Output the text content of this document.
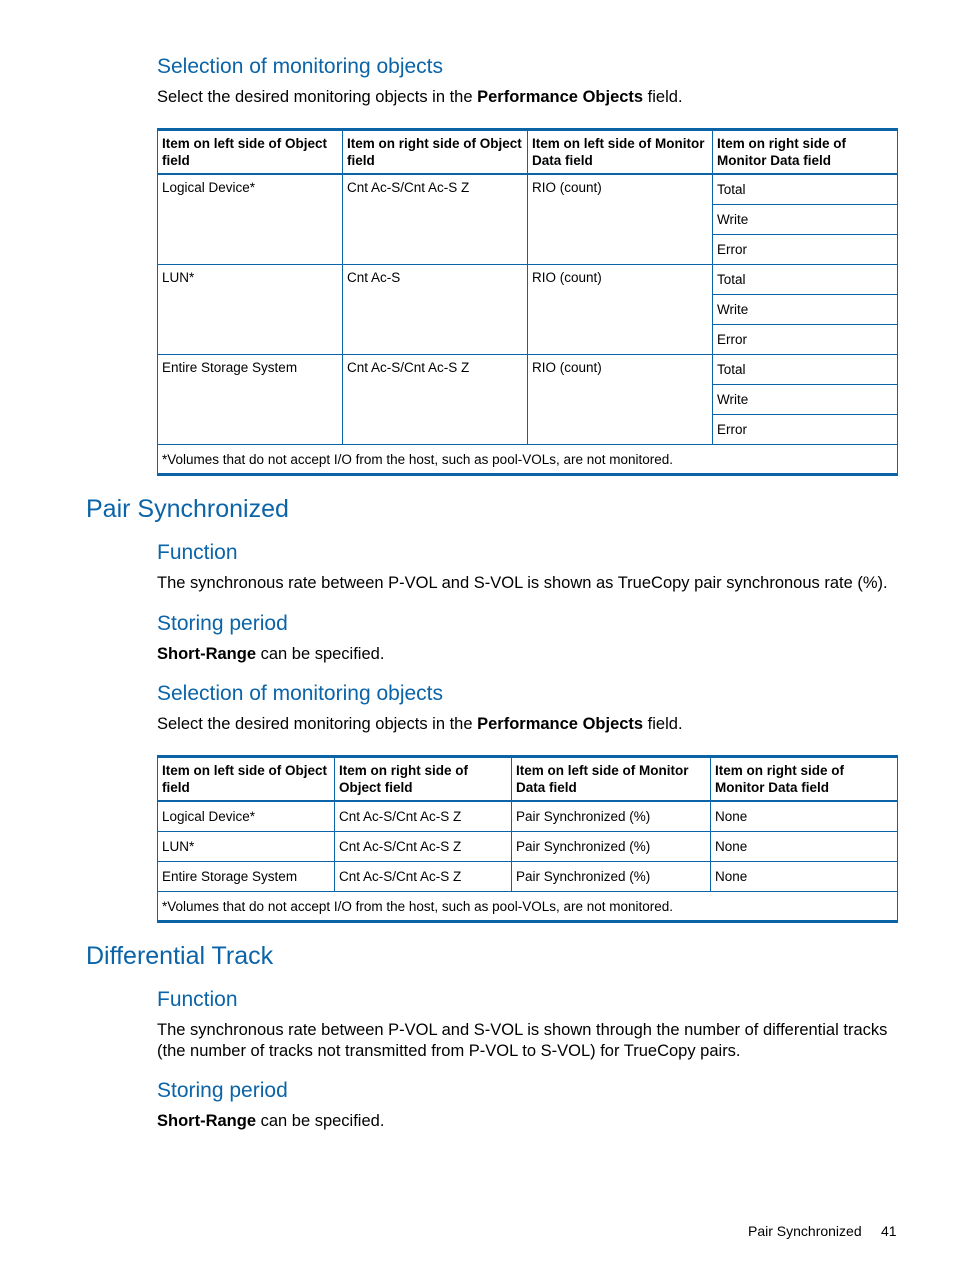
Selection of monitoring objects

Select the desired monitoring objects in the Performance Objects field.

Item on left side of Object field	Item on right side of Object field	Item on left side of Monitor Data field	Item on right side of Monitor Data field
Logical Device*	Cnt Ac-S/Cnt Ac-S Z	RIO (count)	Total
			Write
			Error
LUN*	Cnt Ac-S	RIO (count)	Total
			Write
			Error
Entire Storage System	Cnt Ac-S/Cnt Ac-S Z	RIO (count)	Total
			Write
			Error
*Volumes that do not accept I/O from the host, such as pool-VOLs, are not monitored.			
Pair Synchronized
Function

The synchronous rate between P-VOL and S-VOL is shown as TrueCopy pair synchronous rate (%).

Storing period

Short-Range can be specified.

Selection of monitoring objects

Select the desired monitoring objects in the Performance Objects field.

Item on left side of Object field	Item on right side of Object field	Item on left side of Monitor Data field	Item on right side of Monitor Data field
Logical Device*	Cnt Ac-S/Cnt Ac-S Z	Pair Synchronized (%)	None
LUN*	Cnt Ac-S/Cnt Ac-S Z	Pair Synchronized (%)	None
Entire Storage System	Cnt Ac-S/Cnt Ac-S Z	Pair Synchronized (%)	None
*Volumes that do not accept I/O from the host, such as pool-VOLs, are not monitored.			
Differential Track
Function

The synchronous rate between P-VOL and S-VOL is shown through the number of differential tracks (the number of tracks not transmitted from P-VOL to S-VOL) for TrueCopy pairs.

Storing period

Short-Range can be specified.

Pair Synchronized 41
